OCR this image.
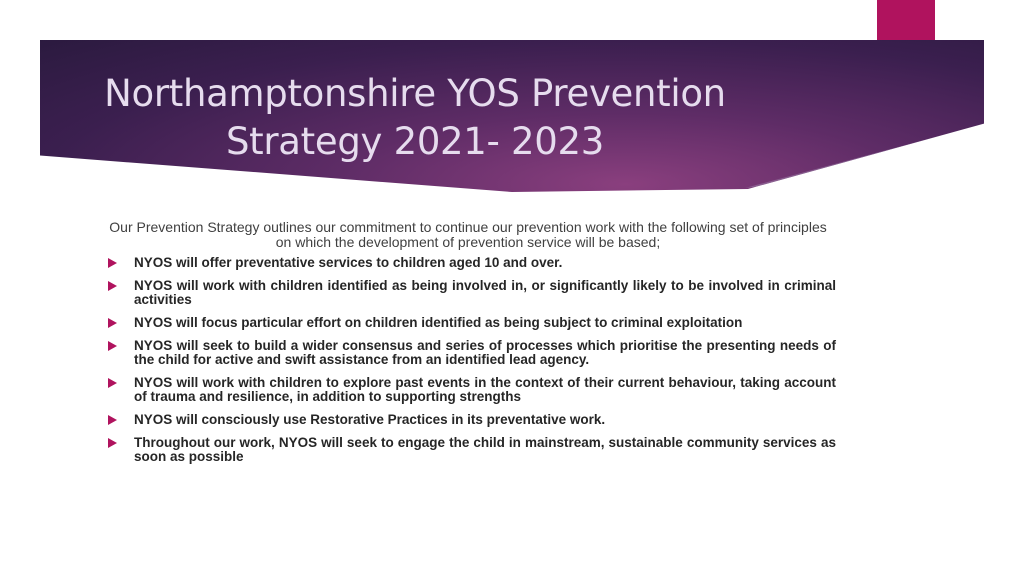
Northamptonshire YOS Prevention Strategy 2021- 2023

Our Prevention Strategy outlines our commitment to continue our prevention work with the following set of principles on which the development of prevention service will be based;

NYOS will offer preventative services to children aged 10 and over.
NYOS will work with children identified as being involved in, or significantly likely to be involved in criminal activities
NYOS will focus particular effort on children identified as being subject to criminal exploitation
NYOS will seek to build a wider consensus and series of processes which prioritise the presenting needs of the child for active and swift assistance from an identified lead agency.
NYOS will work with children to explore past events in the context of their current behaviour, taking account of trauma and resilience, in addition to supporting strengths
NYOS will consciously use Restorative Practices in its preventative work.
Throughout our work, NYOS will seek to engage the child in mainstream, sustainable community services as soon as possible
